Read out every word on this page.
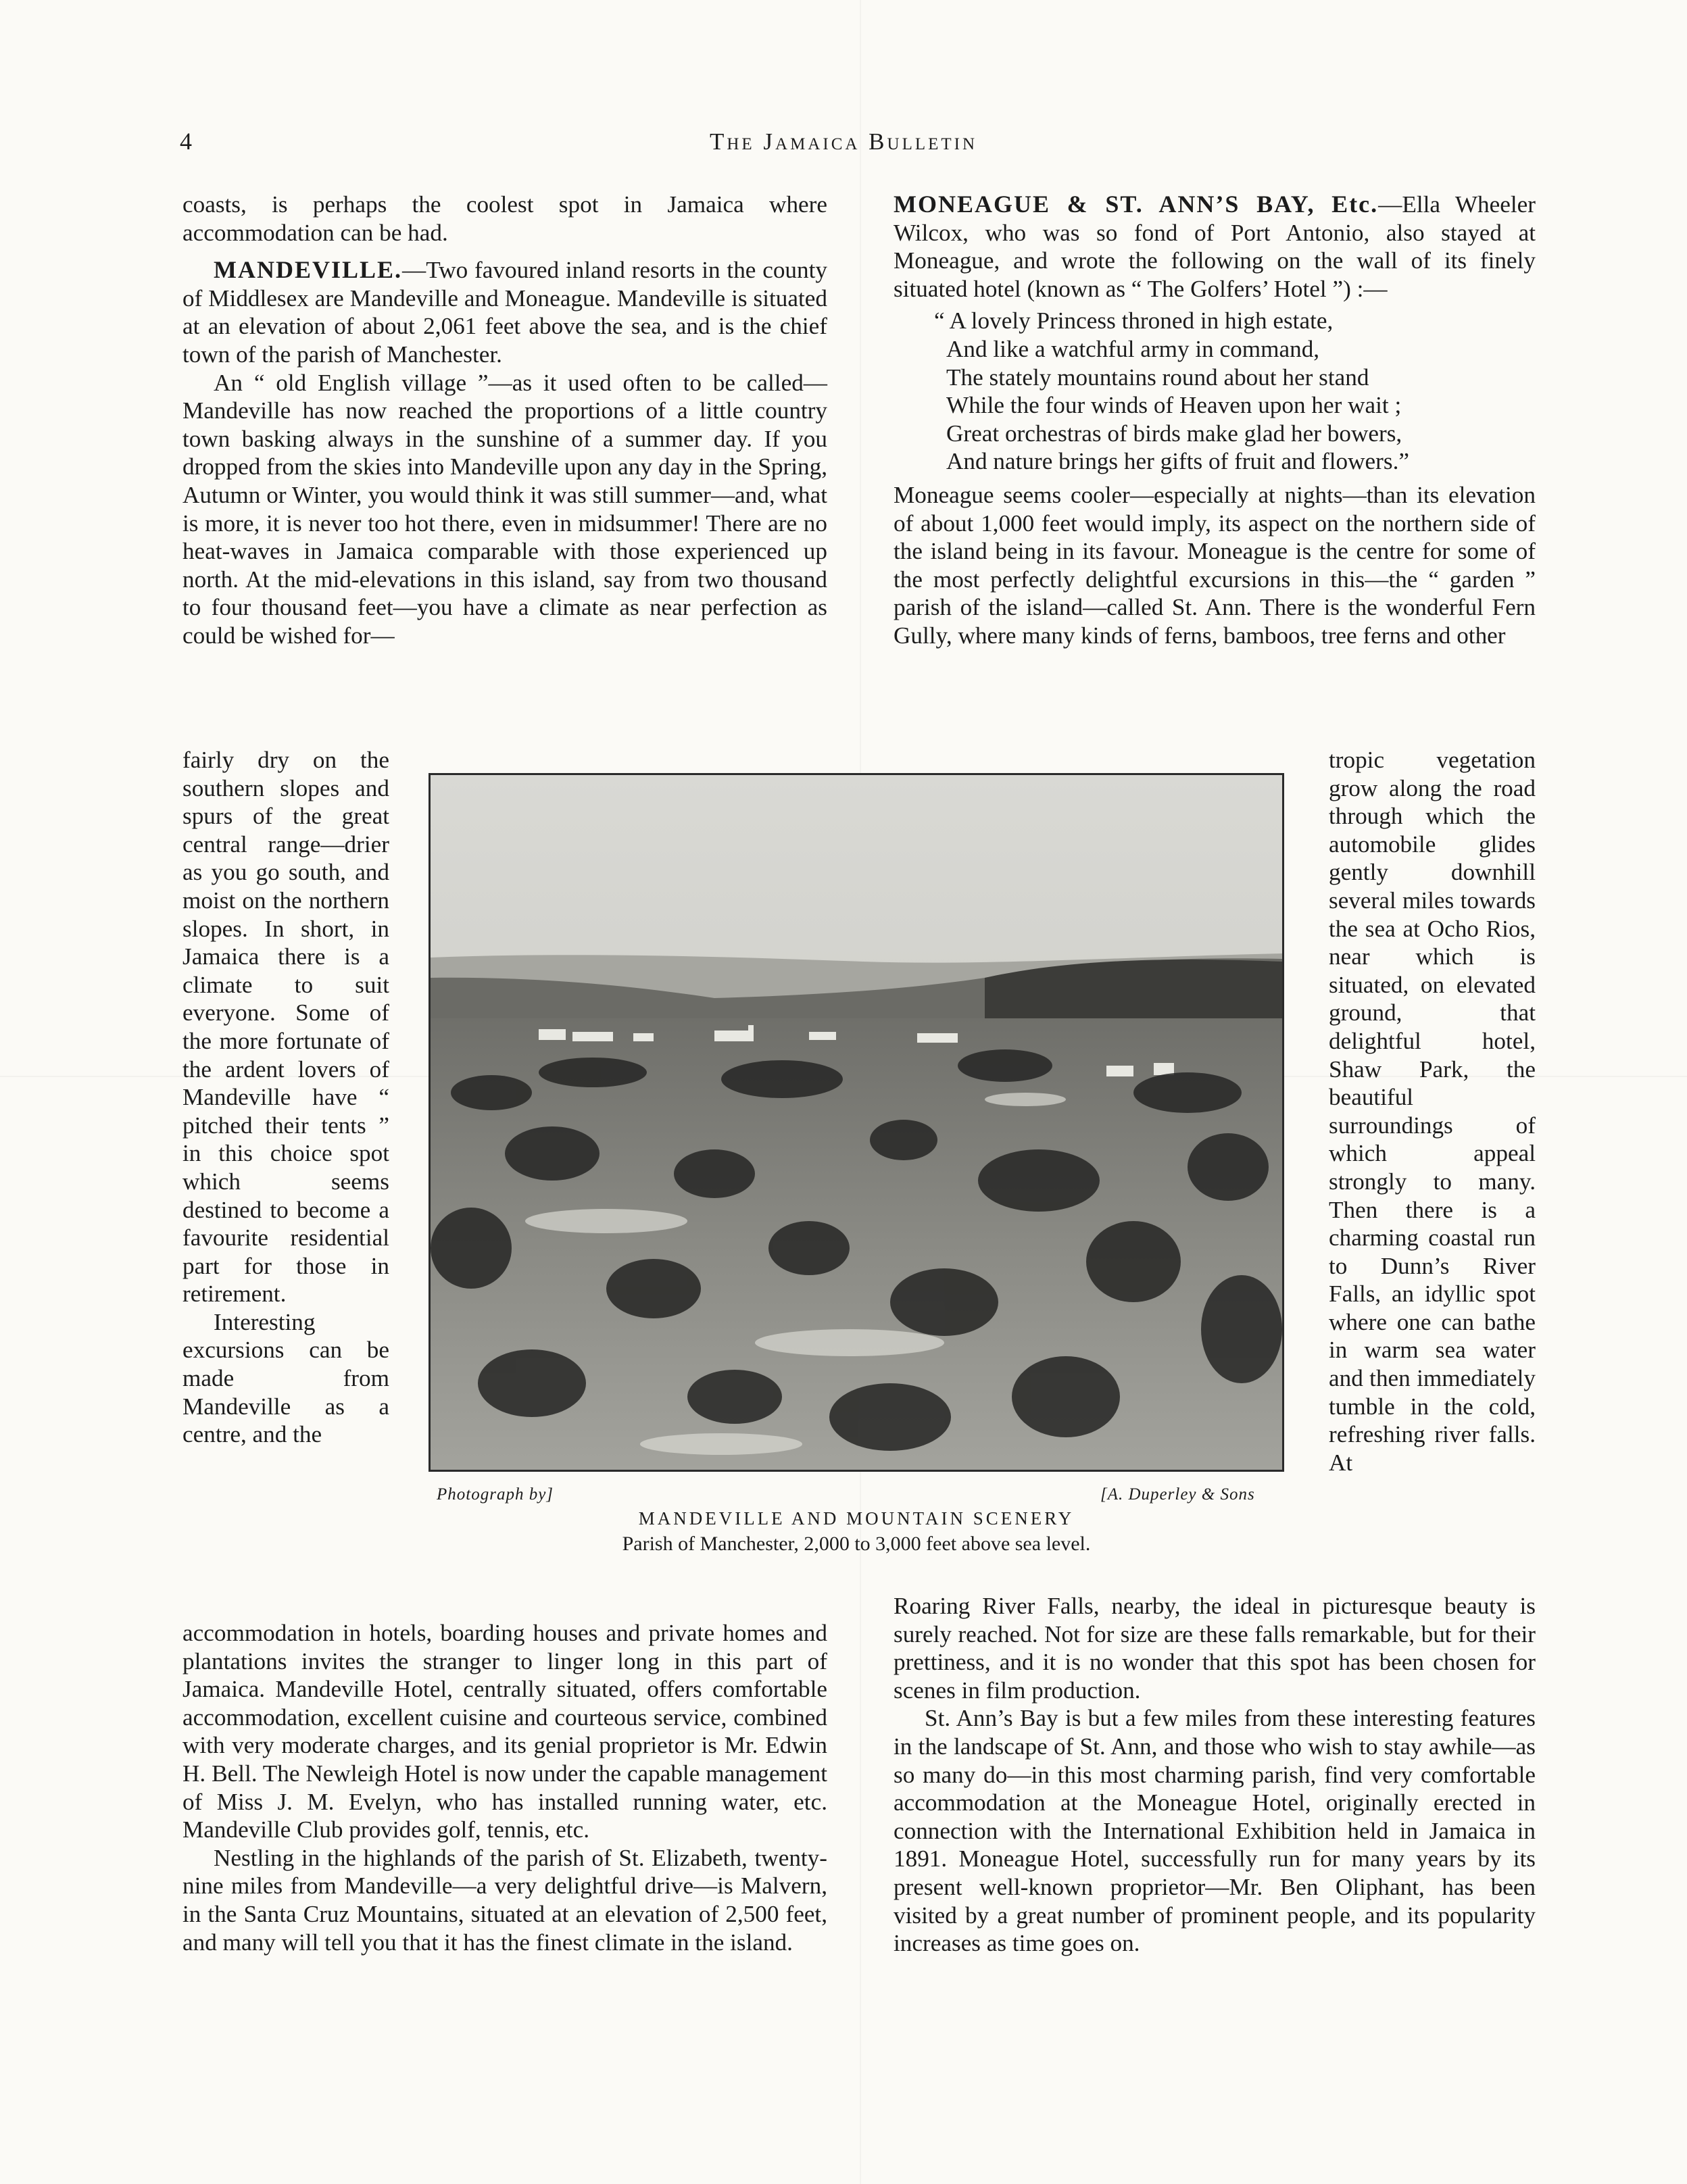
4	The Jamaica Bulletin

coasts, is perhaps the coolest spot in Jamaica where accommodation can be had.

MANDEVILLE.—Two favoured inland resorts in the county of Middlesex are Mandeville and Moneague. Mandeville is situated at an elevation of about 2,061 feet above the sea, and is the chief town of the parish of Manchester.

An “ old English village ”—as it used often to be called—Mandeville has now reached the proportions of a little country town basking always in the sunshine of a summer day. If you dropped from the skies into Mandeville upon any day in the Spring, Autumn or Winter, you would think it was still summer—and, what is more, it is never too hot there, even in midsummer! There are no heat-waves in Jamaica comparable with those experienced up north. At the mid-elevations in this island, say from two thousand to four thousand feet—you have a climate as near perfection as could be wished for—

fairly dry on the southern slopes and spurs of the great central range—drier as you go south, and moist on the northern slopes. In short, in Jamaica there is a climate to suit everyone. Some of the more fortunate of the ardent lovers of Mandeville have “ pitched their tents ” in this choice spot which seems destined to become a favourite residential part for those in retirement.

Interesting excursions can be made from Mandeville as a centre, and the

accommodation in hotels, boarding houses and private homes and plantations invites the stranger to linger long in this part of Jamaica. Mandeville Hotel, centrally situated, offers comfortable accommodation, excellent cuisine and courteous service, combined with very moderate charges, and its genial proprietor is Mr. Edwin H. Bell. The Newleigh Hotel is now under the capable management of Miss J. M. Evelyn, who has installed running water, etc. Mandeville Club provides golf, tennis, etc.

Nestling in the highlands of the parish of St. Elizabeth, twenty-nine miles from Mandeville—a very delightful drive—is Malvern, in the Santa Cruz Mountains, situated at an elevation of 2,500 feet, and many will tell you that it has the finest climate in the island.

MONEAGUE & ST. ANN’S BAY, Etc.—Ella Wheeler Wilcox, who was so fond of Port Antonio, also stayed at Moneague, and wrote the following on the wall of its finely situated hotel (known as “ The Golfers’ Hotel ”) :—

“ A lovely Princess throned in high estate,
And like a watchful army in command,
The stately mountains round about her stand
While the four winds of Heaven upon her wait ;
Great orchestras of birds make glad her bowers,
And nature brings her gifts of fruit and flowers.”

Moneague seems cooler—especially at nights—than its elevation of about 1,000 feet would imply, its aspect on the northern side of the island being in its favour. Moneague is the centre for some of the most perfectly delightful excursions in this—the “ garden ” parish of the island—called St. Ann. There is the wonderful Fern Gully, where many kinds of ferns, bamboos, tree ferns and other

tropic vegetation grow along the road through which the automobile glides gently downhill several miles towards the sea at Ocho Rios, near which is situated, on elevated ground, that delightful hotel, Shaw Park, the beautiful surroundings of which appeal strongly to many. Then there is a charming coastal run to Dunn’s River Falls, an idyllic spot where one can bathe in warm sea water and then immediately tumble in the cold, refreshing river falls. At

Roaring River Falls, nearby, the ideal in picturesque beauty is surely reached. Not for size are these falls remarkable, but for their prettiness, and it is no wonder that this spot has been chosen for scenes in film production.

St. Ann’s Bay is but a few miles from these interesting features in the landscape of St. Ann, and those who wish to stay awhile—as so many do—in this most charming parish, find very comfortable accommodation at the Moneague Hotel, originally erected in connection with the International Exhibition held in Jamaica in 1891. Moneague Hotel, successfully run for many years by its present well-known proprietor—Mr. Ben Oliphant, has been visited by a great number of prominent people, and its popularity increases as time goes on.

Photograph by]	[A. Duperley & Sons
MANDEVILLE AND MOUNTAIN SCENERY
Parish of Manchester, 2,000 to 3,000 feet above sea level.
